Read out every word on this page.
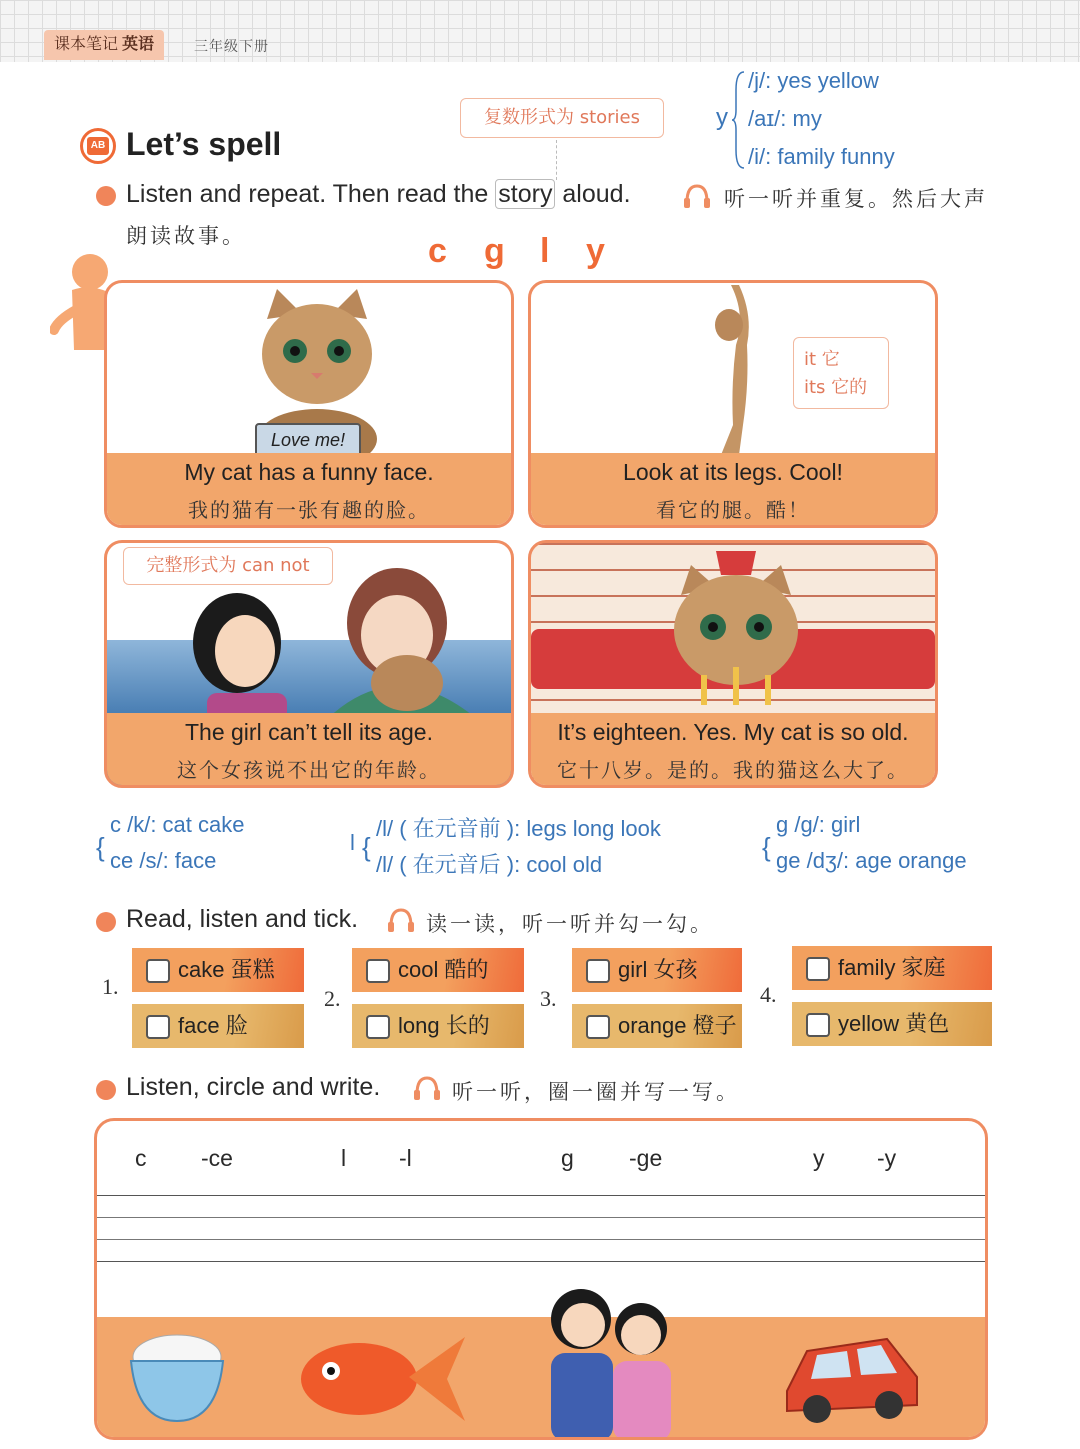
课本笔记 英语	三年级下册
y
/j/: yes yellow
/aɪ/: my
/i/: family funny
复数形式为 stories
AB Let’s spell
Listen and repeat. Then read the story aloud.	听一听并重复。然后大声
朗读故事。	c g l y
Love me!
My cat has a funny face.
我的猫有一张有趣的脸。
it 它
its 它的
Look at its legs. Cool!
看它的腿。酷！
完整形式为 can not
The girl can’t tell its age.
这个女孩说不出它的年龄。
It’s eighteen. Yes. My cat is so old.
它十八岁。是的。我的猫这么大了。
{
c /k/: cat cake
ce /s/: face
l {
/l/ ( 在元音前 ): legs long look
/l/ ( 在元音后 ): cool old
{
g /g/: girl
ge /dʒ/: age orange
Read, listen and tick.	读一读，听一听并勾一勾。
1.
cake 蛋糕
face 脸
2.
cool 酷的
long 长的
3.
girl 女孩
orange 橙子
4.
family 家庭
yellow 黄色
Listen, circle and write.	听一听，圈一圈并写一写。
c -ce	l -l	g -ge	y -y
